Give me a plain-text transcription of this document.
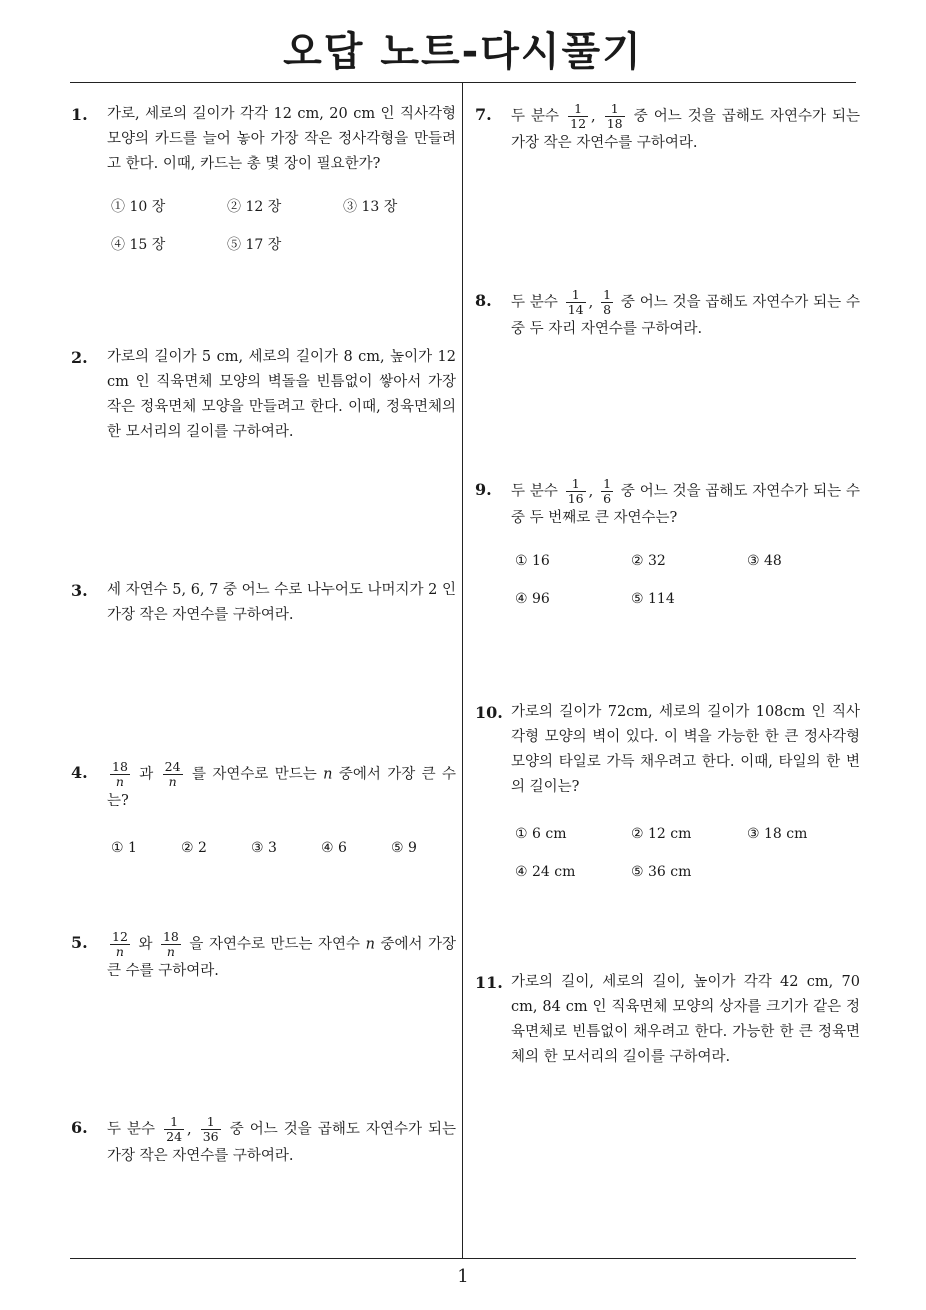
오답 노트-다시풀기
1
1. 가로, 세로의 길이가 각각 12 cm, 20 cm 인 직사각형 모양의 카드를 늘어 놓아 가장 작은 정사각형을 만들려고 한다. 이때, 카드는 총 몇 장이 필요한가?
① 10 장	② 12 장	③ 13 장
④ 15 장	⑤ 17 장
2. 가로의 길이가 5 cm, 세로의 길이가 8 cm, 높이가 12 cm 인 직육면체 모양의 벽돌을 빈틈없이 쌓아서 가장 작은 정육면체 모양을 만들려고 한다. 이때, 정육면체의 한 모서리의 길이를 구하여라.
3. 세 자연수 5, 6, 7 중 어느 수로 나누어도 나머지가 2 인 가장 작은 자연수를 구하여라.
4. $\frac{18}{n}$ 과 $\frac{24}{n}$ 를 자연수로 만드는 n 중에서 가장 큰 수는?
① 1	② 2	③ 3	④ 6	⑤ 9
5. $\frac{12}{n}$ 와 $\frac{18}{n}$ 을 자연수로 만드는 자연수 n 중에서 가장 큰 수를 구하여라.
6. 두 분수 $\frac{1}{24}$ , $\frac{1}{36}$ 중 어느 것을 곱해도 자연수가 되는 가장 작은 자연수를 구하여라.
7. 두 분수 $\frac{1}{12}$ , $\frac{1}{18}$ 중 어느 것을 곱해도 자연수가 되는 가장 작은 자연수를 구하여라.
8. 두 분수 $\frac{1}{14}$ , $\frac{1}{8}$ 중 어느 것을 곱해도 자연수가 되는 수 중 두 자리 자연수를 구하여라.
9. 두 분수 $\frac{1}{16}$ , $\frac{1}{6}$ 중 어느 것을 곱해도 자연수가 되는 수 중 두 번째로 큰 자연수는?
① 16	② 32	③ 48
④ 96	⑤ 114
10. 가로의 길이가 72cm, 세로의 길이가 108cm 인 직사각형 모양의 벽이 있다. 이 벽을 가능한 한 큰 정사각형 모양의 타일로 가득 채우려고 한다. 이때, 타일의 한 변의 길이는?
① 6 cm	② 12 cm	③ 18 cm
④ 24 cm	⑤ 36 cm
11. 가로의 길이, 세로의 길이, 높이가 각각 42 cm, 70 cm, 84 cm 인 직육면체 모양의 상자를 크기가 같은 정육면체로 빈틈없이 채우려고 한다. 가능한 한 큰 정육면체의 한 모서리의 길이를 구하여라.
